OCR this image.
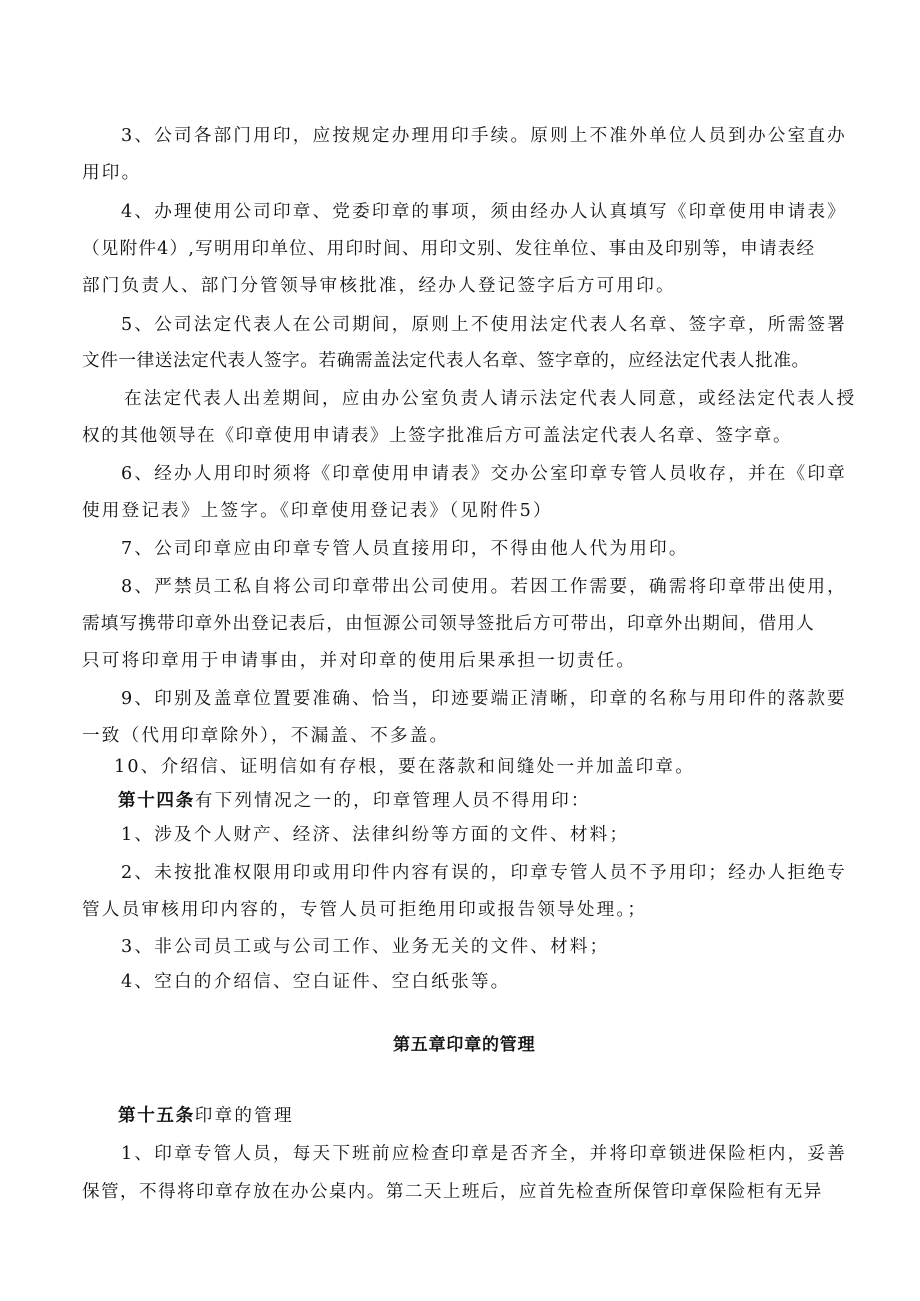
3、公司各部门用印，应按规定办理用印手续。原则上不准外单位人员到办公室直办
用印。
4、办理使用公司印章、党委印章的事项，须由经办人认真填写《印章使用申请表》
（见附件4）,写明用印单位、用印时间、用印文别、发往单位、事由及印别等，申请表经
部门负责人、部门分管领导审核批准，经办人登记签字后方可用印。
5、公司法定代表人在公司期间，原则上不使用法定代表人名章、签字章，所需签署
文件一律送法定代表人签字。若确需盖法定代表人名章、签字章的，应经法定代表人批准。
在法定代表人出差期间，应由办公室负责人请示法定代表人同意，或经法定代表人授
权的其他领导在《印章使用申请表》上签字批准后方可盖法定代表人名章、签字章。
6、经办人用印时须将《印章使用申请表》交办公室印章专管人员收存，并在《印章
使用登记表》上签字。《印章使用登记表》（见附件5）
7、公司印章应由印章专管人员直接用印，不得由他人代为用印。
8、严禁员工私自将公司印章带出公司使用。若因工作需要，确需将印章带出使用，
需填写携带印章外出登记表后，由恒源公司领导签批后方可带出，印章外出期间，借用人
只可将印章用于申请事由，并对印章的使用后果承担一切责任。
9、印别及盖章位置要准确、恰当，印迹要端正清晰，印章的名称与用印件的落款要
一致（代用印章除外），不漏盖、不多盖。
10、介绍信、证明信如有存根，要在落款和间缝处一并加盖印章。
第十四条有下列情况之一的，印章管理人员不得用印：
1、涉及个人财产、经济、法律纠纷等方面的文件、材料；
2、未按批准权限用印或用印件内容有误的，印章专管人员不予用印；经办人拒绝专
管人员审核用印内容的，专管人员可拒绝用印或报告领导处理。；
3、非公司员工或与公司工作、业务无关的文件、材料；
4、空白的介绍信、空白证件、空白纸张等。
第五章印章的管理
第十五条印章的管理
1、印章专管人员，每天下班前应检查印章是否齐全，并将印章锁进保险柜内，妥善
保管，不得将印章存放在办公桌内。第二天上班后，应首先检查所保管印章保险柜有无异
